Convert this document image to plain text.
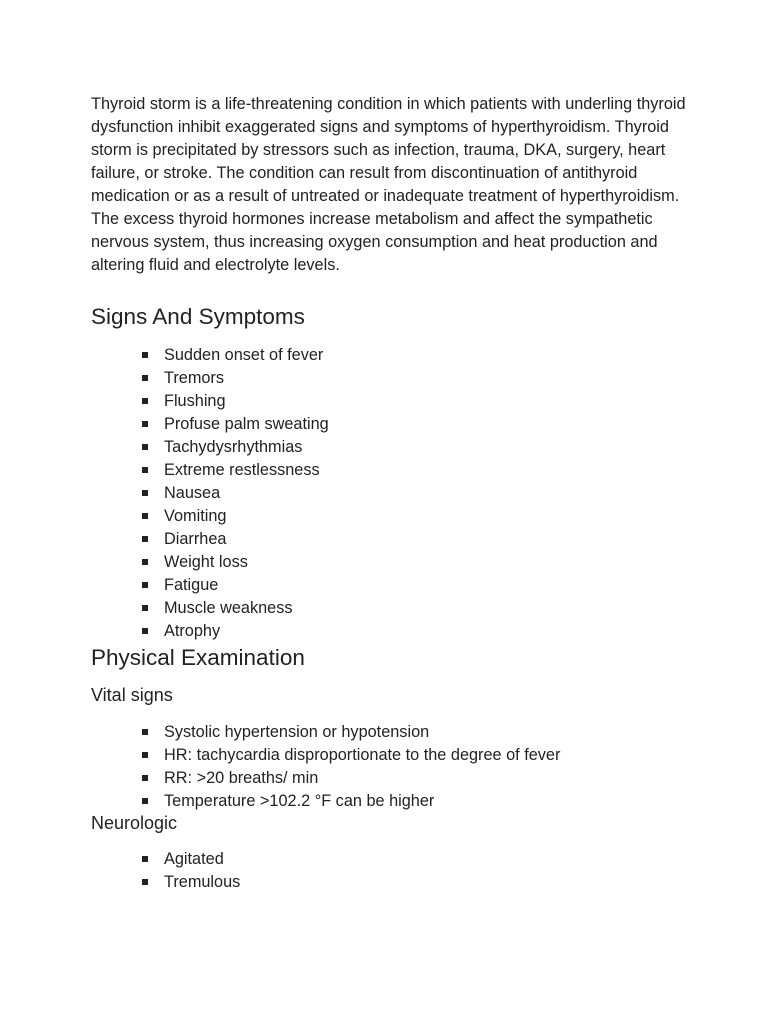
Thyroid storm is a life-threatening condition in which patients with underling thyroid dysfunction inhibit exaggerated signs and symptoms of hyperthyroidism. Thyroid storm is precipitated by stressors such as infection, trauma, DKA, surgery, heart failure, or stroke. The condition can result from discontinuation of antithyroid medication or as a result of untreated or inadequate treatment of hyperthyroidism. The excess thyroid hormones increase metabolism and affect the sympathetic nervous system, thus increasing oxygen consumption and heat production and altering fluid and electrolyte levels.

Signs And Symptoms
Sudden onset of fever
Tremors
Flushing
Profuse palm sweating
Tachydysrhythmias
Extreme restlessness
Nausea
Vomiting
Diarrhea
Weight loss
Fatigue
Muscle weakness
Atrophy
Physical Examination
Vital signs
Systolic hypertension or hypotension
HR: tachycardia disproportionate to the degree of fever
RR: >20 breaths/ min
Temperature >102.2 °F can be higher
Neurologic
Agitated
Tremulous
